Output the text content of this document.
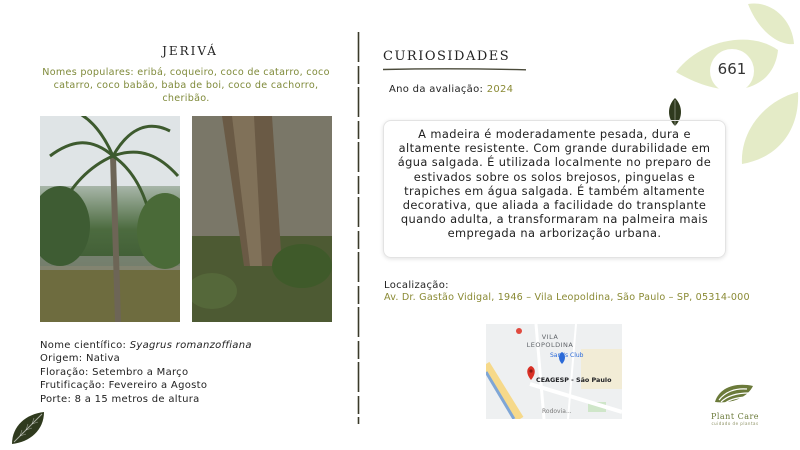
661
JERIVÁ
Nomes populares: eribá, coqueiro, coco de catarro, coco catarro, coco babão, baba de boi, coco de cachorro, cheribão.
Nome científico: Syagrus romanzoffiana
Origem: Nativa
Floração: Setembro a Março
Frutificação: Fevereiro a Agosto
Porte: 8 a 15 metros de altura
CURIOSIDADES
Ano da avaliação: 2024
A madeira é moderadamente pesada, dura e altamente resistente. Com grande durabilidade em água salgada. É utilizada localmente no preparo de estivados sobre os solos brejosos, pinguelas e trapiches em água salgada. É também altamente decorativa, que aliada a facilidade do transplante quando adulta, a transformaram na palmeira mais empregada na arborização urbana.
Localização:
Av. Dr. Gastão Vidigal, 1946 – Vila Leopoldina, São Paulo – SP, 05314-000
VILA LEOPOLDINA
Sam's Club
CEAGESP - São Paulo
Rodovia...
Plant Care
cuidado de plantas
